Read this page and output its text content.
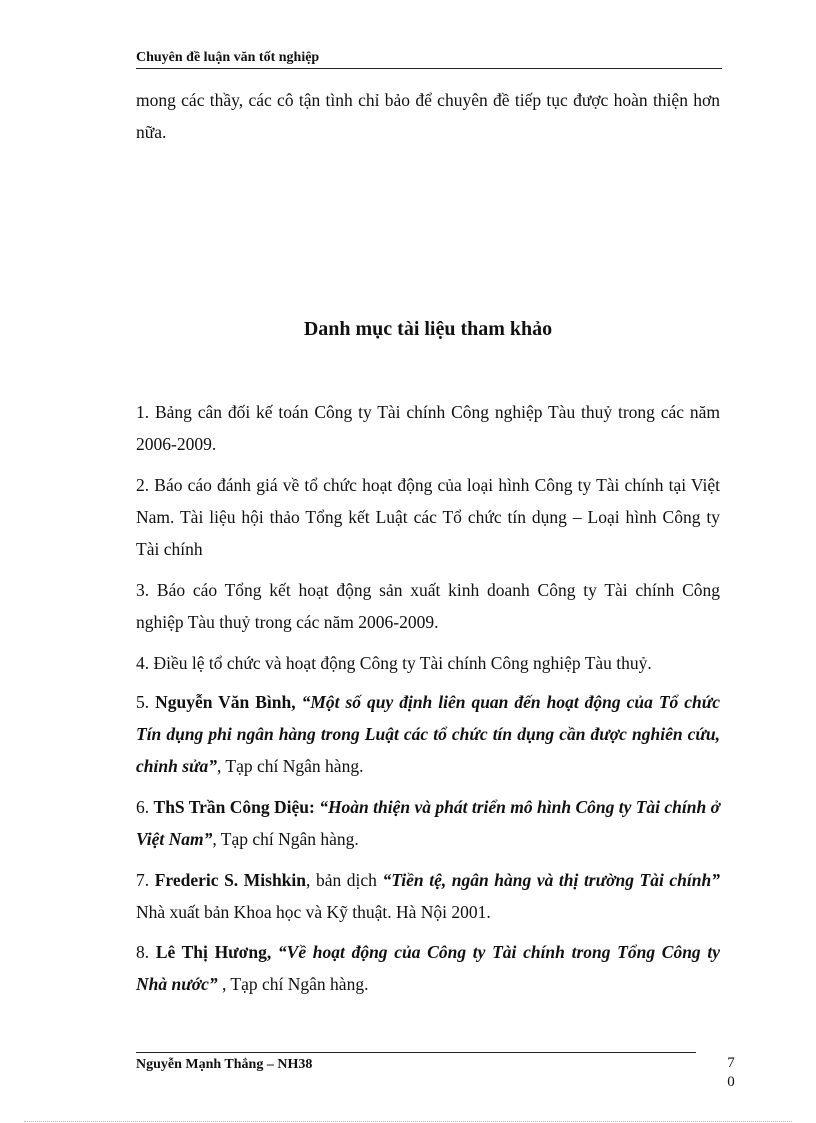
Chuyên đề luận văn tốt nghiệp

mong các thầy, các cô tận tình chỉ bảo để chuyên đề tiếp tục được hoàn thiện hơn nữa.

Danh mục tài liệu tham khảo

1. Bảng cân đối kế toán Công ty Tài chính Công nghiệp Tàu thuỷ trong các năm 2006-2009.

2. Báo cáo đánh giá về tổ chức hoạt động của loại hình Công ty Tài chính tại Việt Nam. Tài liệu hội thảo Tổng kết Luật các Tổ chức tín dụng – Loại hình Công ty Tài chính

3. Báo cáo Tổng kết hoạt động sản xuất kinh doanh Công ty Tài chính Công nghiệp Tàu thuỷ trong các năm 2006-2009.

4. Điều lệ tổ chức và hoạt động Công ty Tài chính Công nghiệp Tàu thuỷ.

5. Nguyễn Văn Bình, “Một số quy định liên quan đến hoạt động của Tổ chức Tín dụng phi ngân hàng trong Luật các tổ chức tín dụng cần được nghiên cứu, chỉnh sửa”, Tạp chí Ngân hàng.

6. ThS Trần Công Diệu: “Hoàn thiện và phát triển mô hình Công ty Tài chính ở Việt Nam”, Tạp chí Ngân hàng.

7. Frederic S. Mishkin, bản dịch “Tiền tệ, ngân hàng và thị trường Tài chính” Nhà xuất bản Khoa học và Kỹ thuật. Hà Nội 2001.

8. Lê Thị Hương, “Về hoạt động của Công ty Tài chính trong Tổng Công ty Nhà nước” , Tạp chí Ngân hàng.

Nguyễn Mạnh Thắng – NH38	7
0
